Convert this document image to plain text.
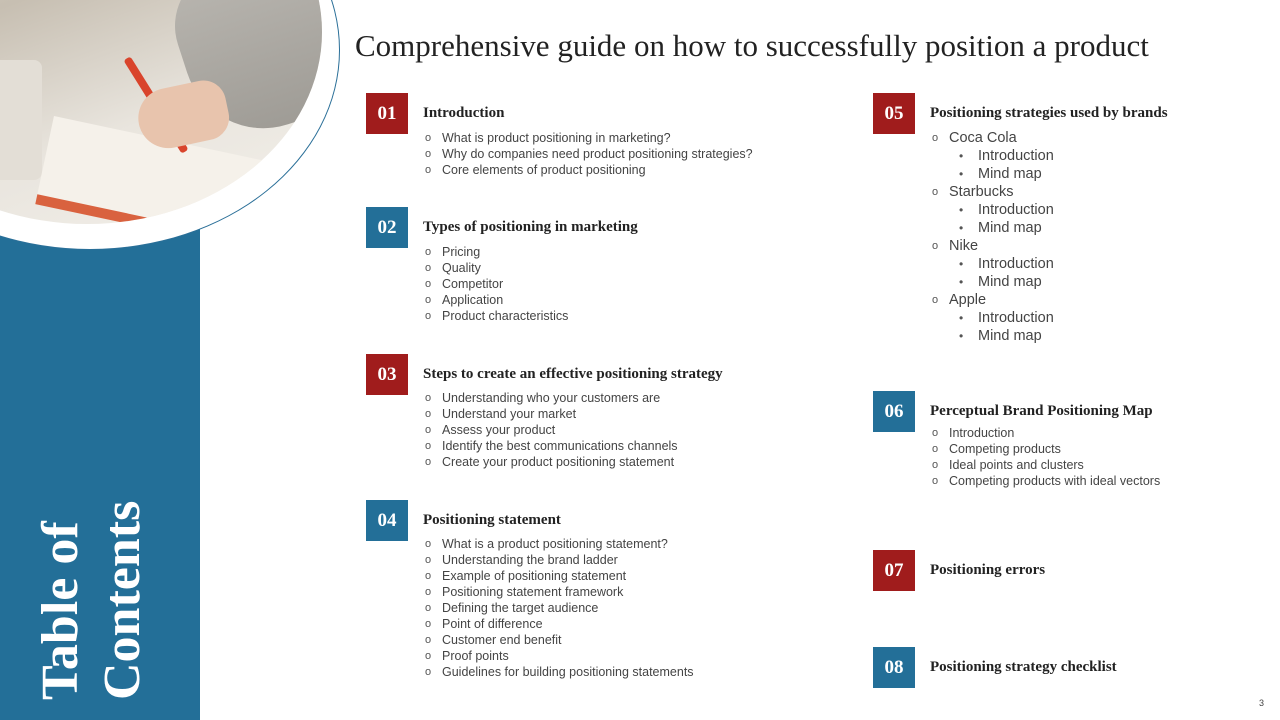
Table of Contents
Comprehensive guide on how to successfully position a product
01	Introduction
o What is product positioning in marketing?
o Why do companies need product positioning strategies?
o Core elements of product positioning
02	Types of positioning in marketing
o Pricing
o Quality
o Competitor
o Application
o Product characteristics
03	Steps to create an effective positioning strategy
o Understanding who your customers are
o Understand your market
o Assess your product
o Identify the best communications channels
o Create your product positioning statement
04	Positioning statement
o What is a product positioning statement?
o Understanding the brand ladder
o Example of positioning statement
o Positioning statement framework
o Defining the target audience
o Point of difference
o Customer end benefit
o Proof points
o Guidelines for building positioning statements
05	Positioning strategies used by brands
o Coca Cola
• Introduction
• Mind map
o Starbucks
• Introduction
• Mind map
o Nike
• Introduction
• Mind map
o Apple
• Introduction
• Mind map
06	Perceptual Brand Positioning Map
o Introduction
o Competing products
o Ideal points and clusters
o Competing products with ideal vectors
07	Positioning errors
08	Positioning strategy checklist
3
